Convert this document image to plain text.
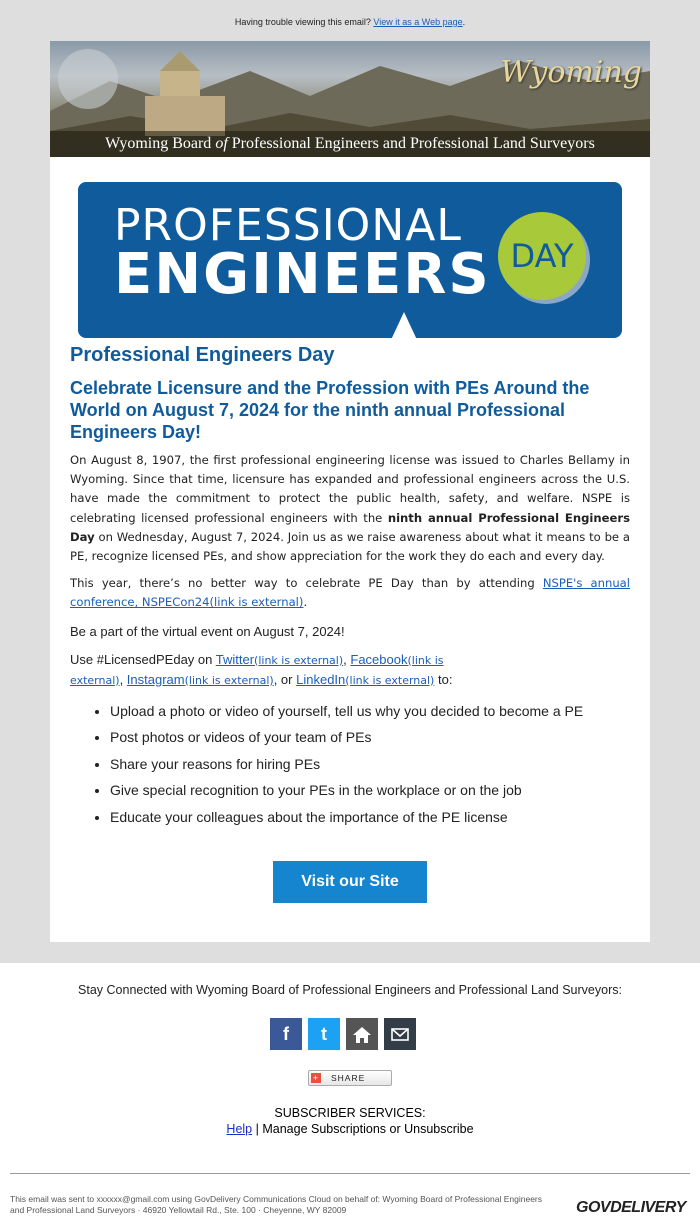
Having trouble viewing this email? View it as a Web page.
Wyoming
Wyoming Board of Professional Engineers and Professional Land Surveyors
PROFESSIONAL
ENGINEERS DAY
Professional Engineers Day
Celebrate Licensure and the Profession with PEs Around the World on August 7, 2024 for the ninth annual Professional Engineers Day!

On August 8, 1907, the first professional engineering license was issued to Charles Bellamy in Wyoming. Since that time, licensure has expanded and professional engineers across the U.S. have made the commitment to protect the public health, safety, and welfare. NSPE is celebrating licensed professional engineers with the ninth annual Professional Engineers Day on Wednesday, August 7, 2024. Join us as we raise awareness about what it means to be a PE, recognize licensed PEs, and show appreciation for the work they do each and every day.

This year, there’s no better way to celebrate PE Day than by attending NSPE's annual conference, NSPECon24(link is external).

Be a part of the virtual event on August 7, 2024!

Use #LicensedPEday on Twitter(link is external), Facebook(link is external), Instagram(link is external), or LinkedIn(link is external) to:

• Upload a photo or video of yourself, tell us why you decided to become a PE
• Post photos or videos of your team of PEs
• Share your reasons for hiring PEs
• Give special recognition to your PEs in the workplace or on the job
• Educate your colleagues about the importance of the PE license
Visit our Site
Stay Connected with Wyoming Board of Professional Engineers and Professional Land Surveyors:
f t
+ SHARE
SUBSCRIBER SERVICES:
Help | Manage Subscriptions or Unsubscribe
This email was sent to xxxxxx@gmail.com using GovDelivery Communications Cloud on behalf of: Wyoming Board of Professional Engineers and Professional Land Surveyors · 46920 Yellowtail Rd., Ste. 100 · Cheyenne, WY 82009	GOVDELIVERY
